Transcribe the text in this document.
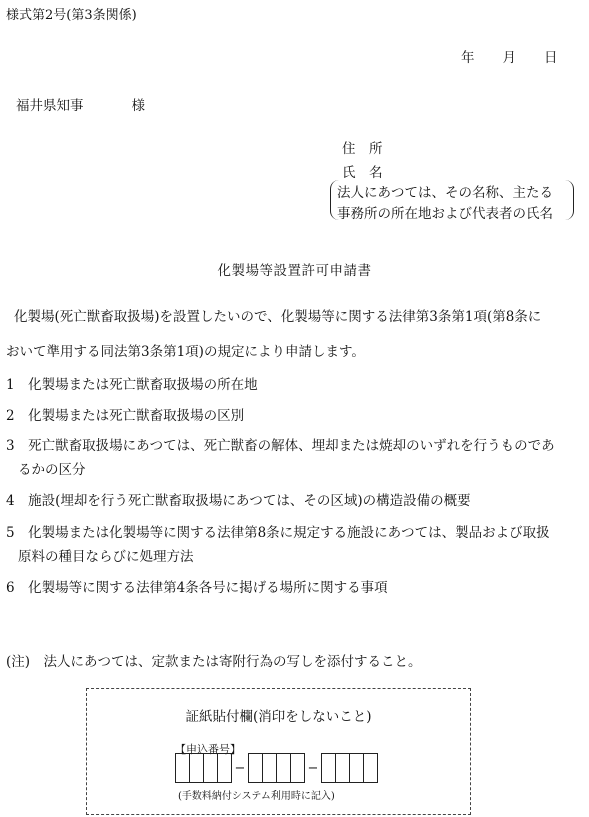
様式第2号(第3条関係)
年 月 日
福井県知事	様
住　所
氏　名
法人にあつては、その名称、主たる
事務所の所在地および代表者の氏名
化製場等設置許可申請書
化製場(死亡獣畜取扱場)を設置したいので、化製場等に関する法律第3条第1項(第8条に
おいて準用する同法第3条第1項)の規定により申請します。
1　 化製場または死亡獣畜取扱場の所在地
2　 化製場または死亡獣畜取扱場の区別
3　 死亡獣畜取扱場にあつては、死亡獣畜の解体、埋却または焼却のいずれを行うものであ
るかの区分
4　 施設(埋却を行う死亡獣畜取扱場にあつては、その区域)の構造設備の概要
5　 化製場または化製場等に関する法律第8条に規定する施設にあつては、製品および取扱
原料の種目ならびに処理方法
6　 化製場等に関する法律第4条各号に掲げる場所に関する事項
(注)　 法人にあつては、定款または寄附行為の写しを添付すること。
証紙貼付欄(消印をしないこと)
【申込番号】
−	−
(手数料納付システム利用時に記入)
